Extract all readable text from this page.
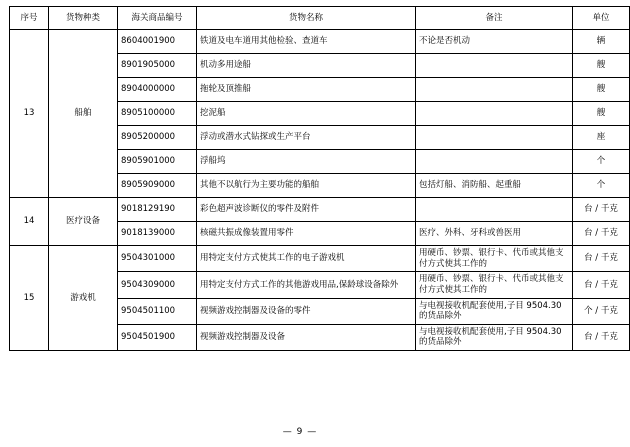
序号	货物种类	海关商品编号	货物名称	备注	单位
13	船舶	8604001900	铁道及电车道用其他检验、查道车	不论是否机动	辆
		8901905000	机动多用途船		艘
		8904000000	拖轮及顶推船		艘
		8905100000	挖泥船		艘
		8905200000	浮动或潜水式钻探或生产平台		座
		8905901000	浮船坞		个
		8905909000	其他不以航行为主要功能的船舶	包括灯船、消防船、起重船	个
14	医疗设备	9018129190	彩色超声波诊断仪的零件及附件		台 / 千克
		9018139000	核磁共振成像装置用零件	医疗、外科、牙科或兽医用	台 / 千克
15	游戏机	9504301000	用特定支付方式使其工作的电子游戏机	用硬币、钞票、银行卡、代币或其他支付方式使其工作的	台 / 千克
		9504309000	用特定支付方式工作的其他游戏用品,保龄球设备除外	用硬币、钞票、银行卡、代币或其他支付方式使其工作的	台 / 千克
		9504501100	视频游戏控制器及设备的零件	与电视接收机配套使用,子目 9504.30 的货品除外	个 / 千克
		9504501900	视频游戏控制器及设备	与电视接收机配套使用,子目 9504.30 的货品除外	台 / 千克
— 9 —
